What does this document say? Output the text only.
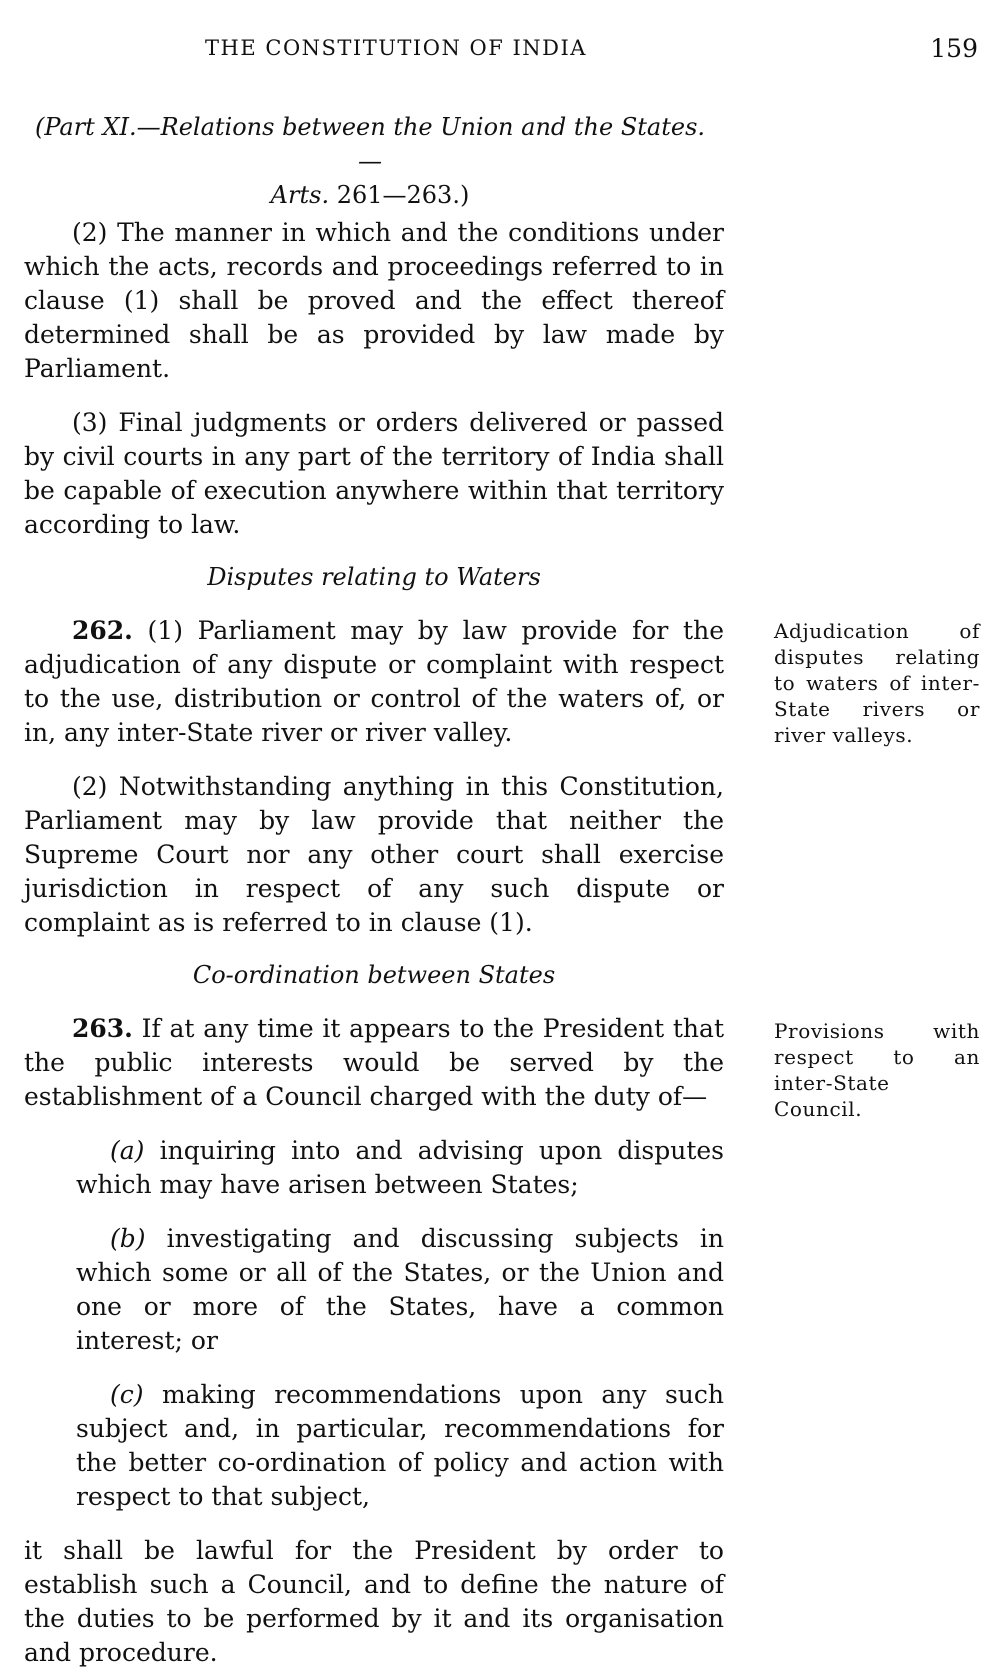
THE CONSTITUTION OF INDIA	159
(Part XI.—Relations between the Union and the States.—
Arts. 261—263.)

(2) The manner in which and the conditions under which the acts, records and proceedings referred to in clause (1) shall be proved and the effect thereof determined shall be as provided by law made by Parliament.

(3) Final judgments or orders delivered or passed by civil courts in any part of the territory of India shall be capable of execution anywhere within that territory according to law.

Disputes relating to Waters

262. (1) Parliament may by law provide for the adjudication of any dispute or complaint with respect to the use, distribution or control of the waters of, or in, any inter-State river or river valley.

(2) Notwithstanding anything in this Constitution, Parliament may by law provide that neither the Supreme Court nor any other court shall exercise jurisdiction in respect of any such dispute or complaint as is referred to in clause (1).

Co-ordination between States

263. If at any time it appears to the President that the public interests would be served by the establishment of a Council charged with the duty of—

(a) inquiring into and advising upon disputes which may have arisen between States;

(b) investigating and discussing subjects in which some or all of the States, or the Union and one or more of the States, have a common interest; or

(c) making recommendations upon any such subject and, in particular, recommendations for the better co-ordination of policy and action with respect to that subject,

it shall be lawful for the President by order to establish such a Council, and to define the nature of the duties to be performed by it and its organisation and procedure.

Adjudication of disputes relating to waters of inter-State rivers or river valleys.
Provisions with respect to an inter-State Council.
